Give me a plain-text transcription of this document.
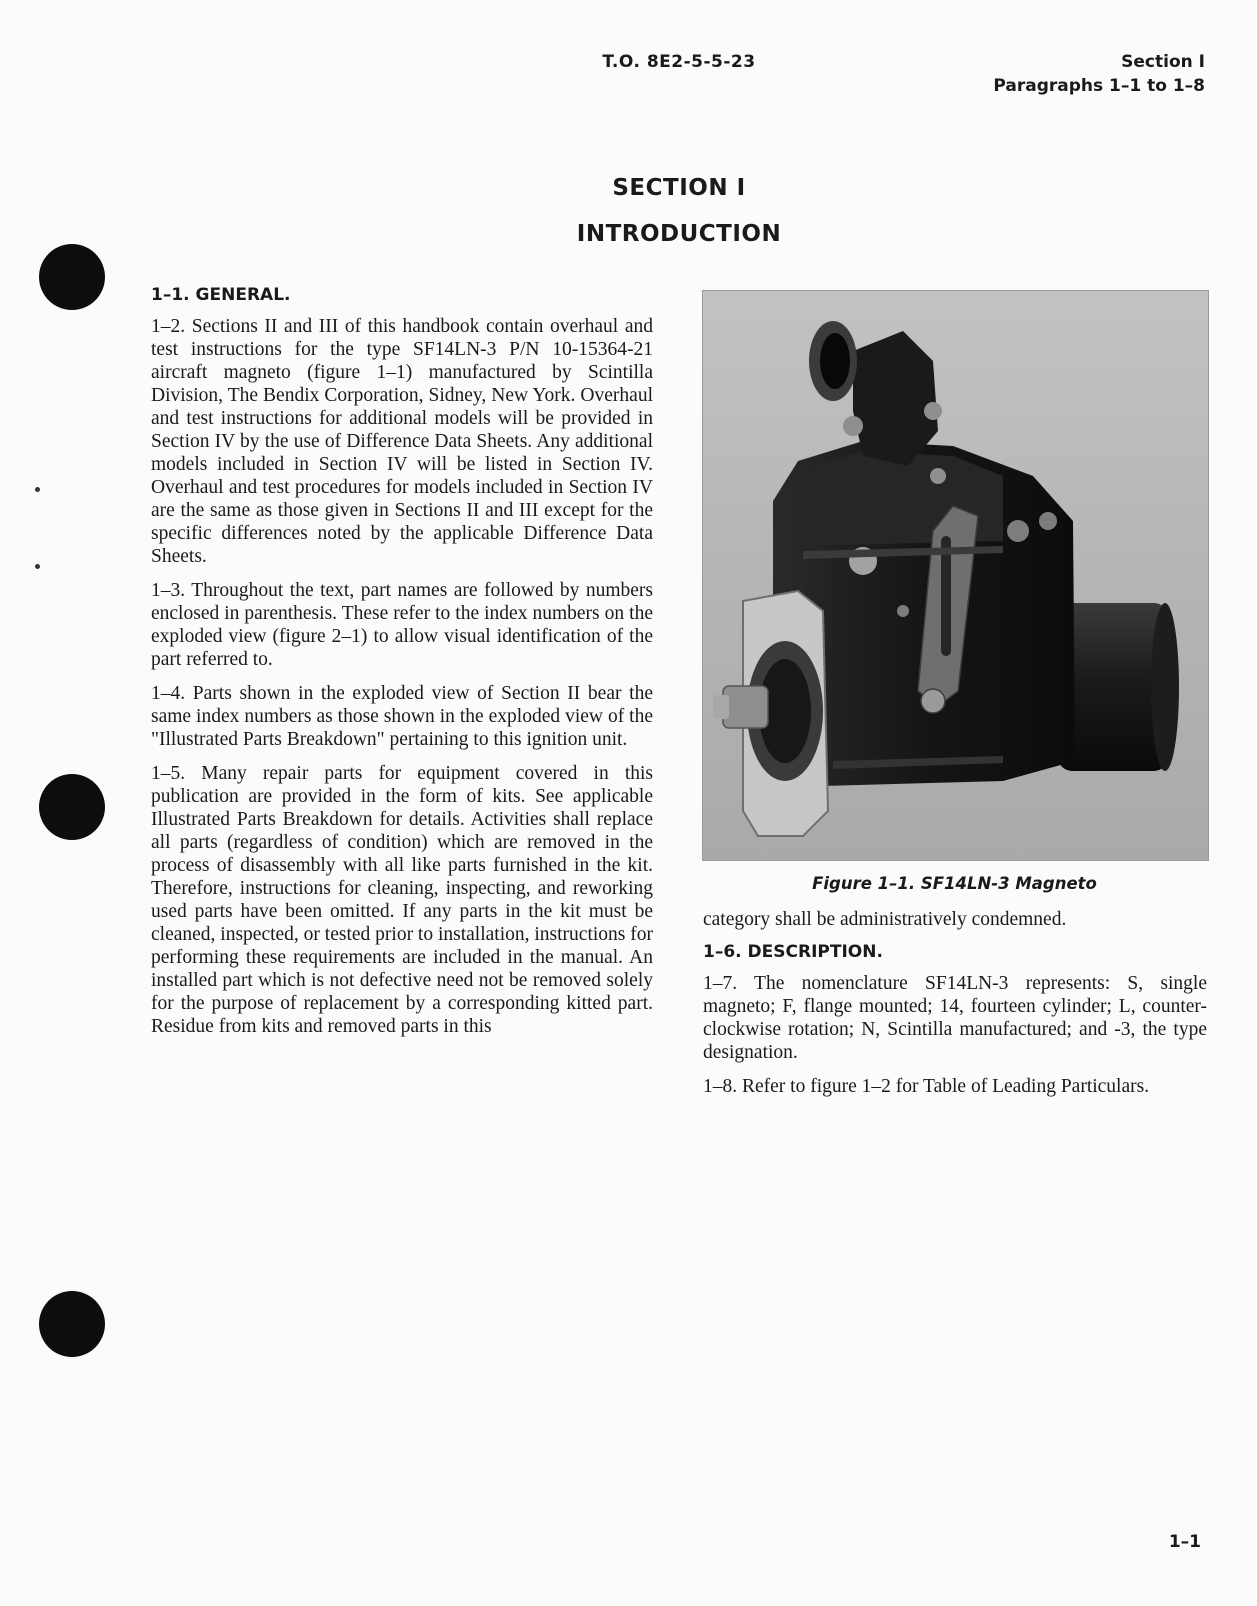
T.O. 8E2-5-5-23	Section I
Paragraphs 1–1 to 1–8
SECTION I
INTRODUCTION
1–1. GENERAL.

1–2. Sections II and III of this handbook contain overhaul and test instructions for the type SF14LN-3 P/N 10-15364-21 aircraft magneto (figure 1–1) manufactured by Scintilla Division, The Bendix Corporation, Sidney, New York. Overhaul and test instructions for additional models will be provided in Section IV by the use of Difference Data Sheets. Any additional models included in Section IV will be listed in Section IV. Overhaul and test procedures for models included in Section IV are the same as those given in Sections II and III except for the specific differences noted by the applicable Difference Data Sheets.

1–3. Throughout the text, part names are followed by numbers enclosed in parenthesis. These refer to the index numbers on the exploded view (figure 2–1) to allow visual identification of the part referred to.

1–4. Parts shown in the exploded view of Section II bear the same index numbers as those shown in the exploded view of the "Illustrated Parts Breakdown" pertaining to this ignition unit.

1–5. Many repair parts for equipment covered in this publication are provided in the form of kits. See applicable Illustrated Parts Breakdown for details. Activities shall replace all parts (regardless of condition) which are removed in the process of disassembly with all like parts furnished in the kit. Therefore, instructions for cleaning, inspecting, and reworking used parts have been omitted. If any parts in the kit must be cleaned, inspected, or tested prior to installation, instructions for performing these requirements are included in the manual. An installed part which is not defective need not be removed solely for the purpose of replacement by a corresponding kitted part. Residue from kits and removed parts in this

Figure 1–1. SF14LN-3 Magneto

category shall be administratively condemned.

1–6. DESCRIPTION.

1–7. The nomenclature SF14LN-3 represents: S, single magneto; F, flange mounted; 14, fourteen cylinder; L, counter-clockwise rotation; N, Scintilla manufactured; and -3, the type designation.

1–8. Refer to figure 1–2 for Table of Leading Particulars.

1–1
